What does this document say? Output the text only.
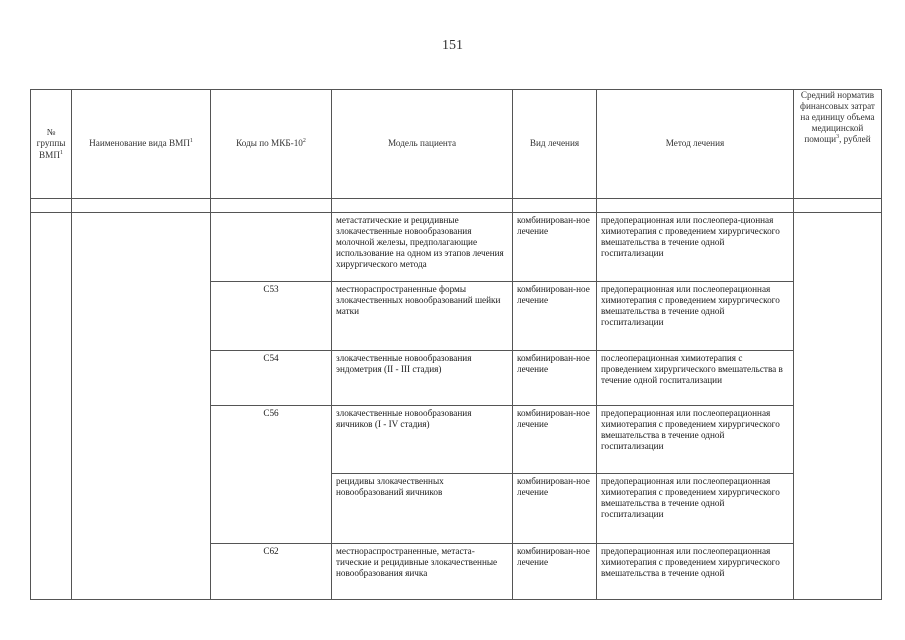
151
№ группы ВМП$^1$	Наименование вида ВМП$^1$	Коды по МКБ-$10^2$	Модель пациента	Вид лечения	Метод лечения	Средний норматив финансовых затрат на единицу объема медицинской помощи$^3$, рублей

			метастатические и рецидивные злокачественные новообразования молочной железы, предполагающие использование на одном из этапов лечения хирургического метода	комбинирован-ное лечение	предоперационная или послеопера-ционная химиотерапия с проведением хирургического вмешательства в течение одной госпитализации	
		C53	местнораспространенные формы злокачественных новообразований шейки матки	комбинирован-ное лечение	предоперационная или послеоперационная химиотерапия с проведением хирургического вмешательства в течение одной госпитализации	
		C54	злокачественные новообразования эндометрия (II - III стадия)	комбинирован-ное лечение	послеоперационная химиотерапия с проведением хирургического вмешательства в течение одной госпитализации	
		C56	злокачественные новообразования яичников (I - IV стадия)	комбинирован-ное лечение	предоперационная или послеоперационная химиотерапия с проведением хирургического вмешательства в течение одной госпитализации	
			рецидивы злокачественных новообразований яичников	комбинирован-ное лечение	предоперационная или послеоперационная химиотерапия с проведением хирургического вмешательства в течение одной госпитализации	
		C62	местнораспространенные, метаста-тические и рецидивные злокачественные новообразования яичка	комбинирован-ное лечение	предоперационная или послеоперационная химиотерапия с проведением хирургического вмешательства в течение одной	
